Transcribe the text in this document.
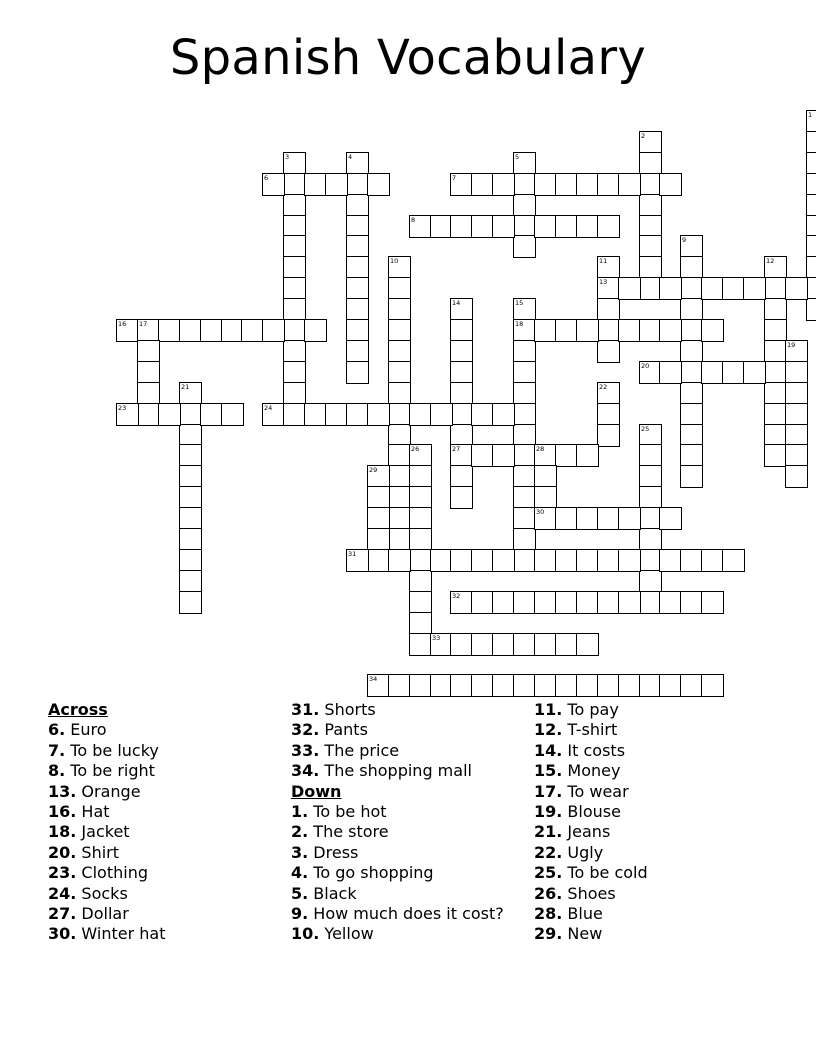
Spanish Vocabulary
1
2
3	4	5
6	7
8
9
10	11	12
13
14	15
16 17	18
19
20
21	22
23	24
25
26	27	28
29
30
31
32
33
34
Across
6. Euro
7. To be lucky
8. To be right
13. Orange
16. Hat
18. Jacket
20. Shirt
23. Clothing
24. Socks
27. Dollar
30. Winter hat
31. Shorts
32. Pants
33. The price
34. The shopping mall
Down
1. To be hot
2. The store
3. Dress
4. To go shopping
5. Black
9. How much does it cost?
10. Yellow
11. To pay
12. T-shirt
14. It costs
15. Money
17. To wear
19. Blouse
21. Jeans
22. Ugly
25. To be cold
26. Shoes
28. Blue
29. New
